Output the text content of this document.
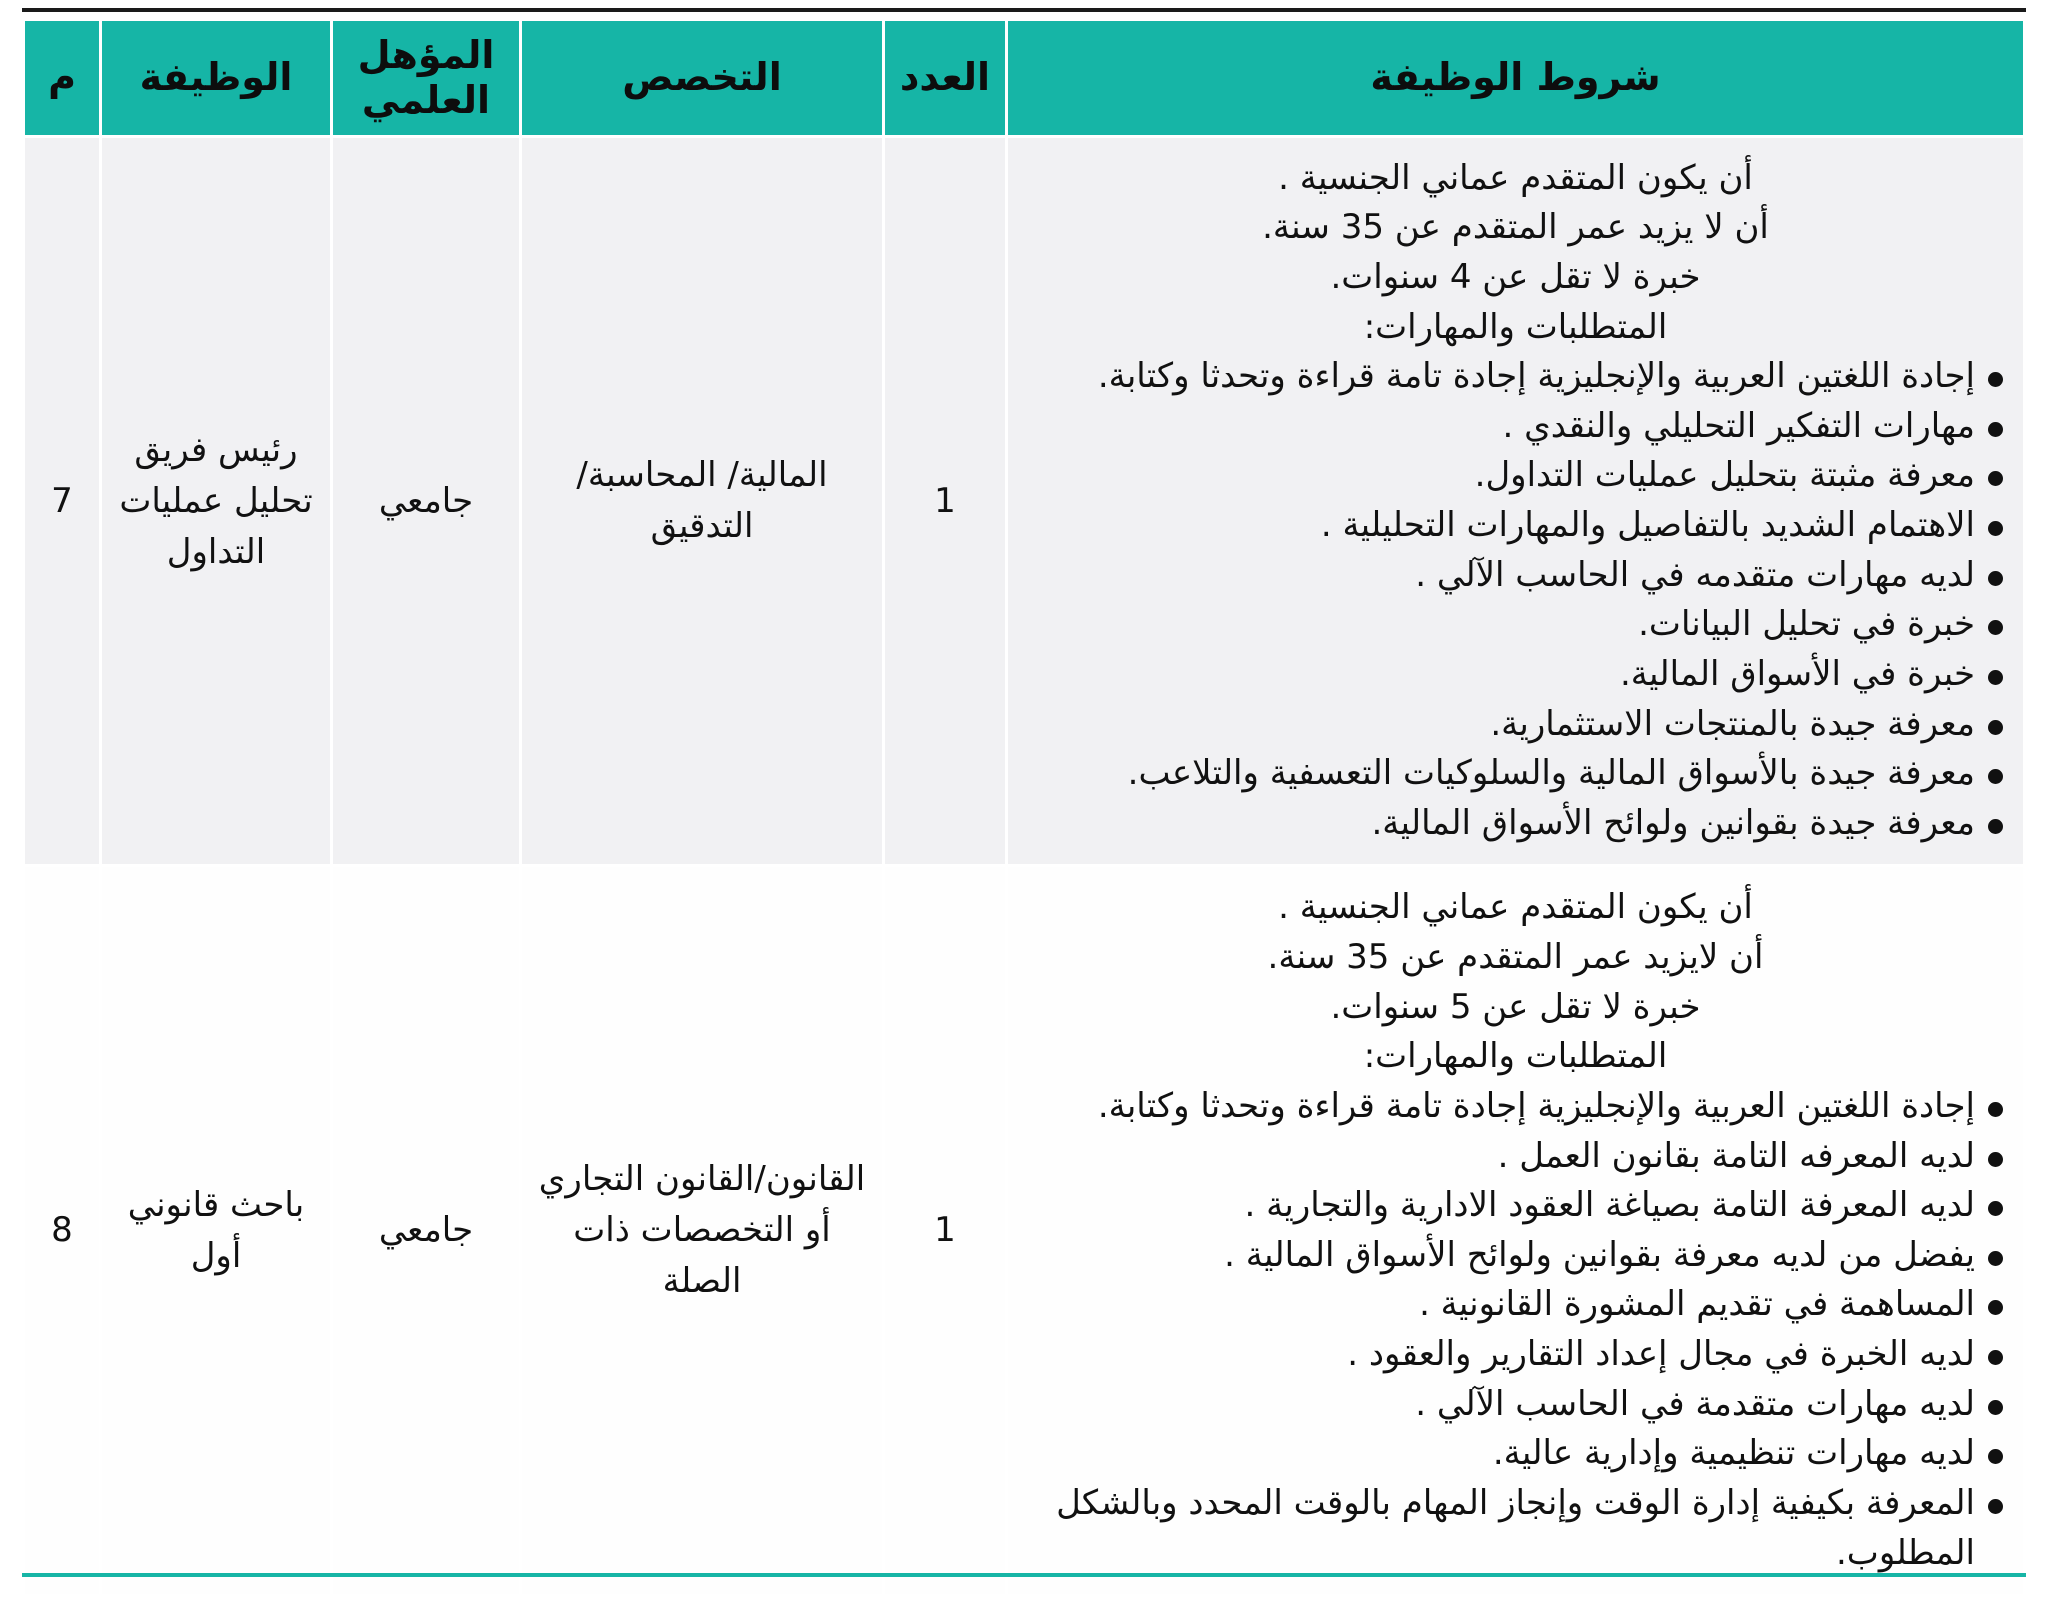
شروط الوظيفة	العدد	التخصص	المؤهل العلمي	الوظيفة	م

أن يكون المتقدم عماني الجنسية .
أن لا يزيد عمر المتقدم عن 35 سنة.
خبرة لا تقل عن 4 سنوات.
المتطلبات والمهارات:
إجادة اللغتين العربية والإنجليزية إجادة تامة قراءة وتحدثا وكتابة.
مهارات التفكير التحليلي والنقدي .
معرفة مثبتة بتحليل عمليات التداول.
الاهتمام الشديد بالتفاصيل والمهارات التحليلية .
لديه مهارات متقدمه في الحاسب الآلي .
خبرة في تحليل البيانات.
خبرة في الأسواق المالية.
معرفة جيدة بالمنتجات الاستثمارية.
معرفة جيدة بالأسواق المالية والسلوكيات التعسفية والتلاعب.
معرفة جيدة بقوانين ولوائح الأسواق المالية.
	1	المالية/ المحاسبة/ التدقيق	جامعي	رئيس فريق تحليل عمليات التداول	7

أن يكون المتقدم عماني الجنسية .
أن لايزيد عمر المتقدم عن 35 سنة.
خبرة لا تقل عن 5 سنوات.
المتطلبات والمهارات:
إجادة اللغتين العربية والإنجليزية إجادة تامة قراءة وتحدثا وكتابة.
لديه المعرفه التامة بقانون العمل .
لديه المعرفة التامة بصياغة العقود الادارية والتجارية .
يفضل من لديه معرفة بقوانين ولوائح الأسواق المالية .
المساهمة في تقديم المشورة القانونية .
لديه الخبرة في مجال إعداد التقارير والعقود .
لديه مهارات متقدمة في الحاسب الآلي .
لديه مهارات تنظيمية وإدارية عالية.
المعرفة بكيفية إدارة الوقت وإنجاز المهام بالوقت المحدد وبالشكل المطلوب.
	1	القانون/القانون التجاري أو التخصصات ذات الصلة	جامعي	باحث قانوني أول	8
